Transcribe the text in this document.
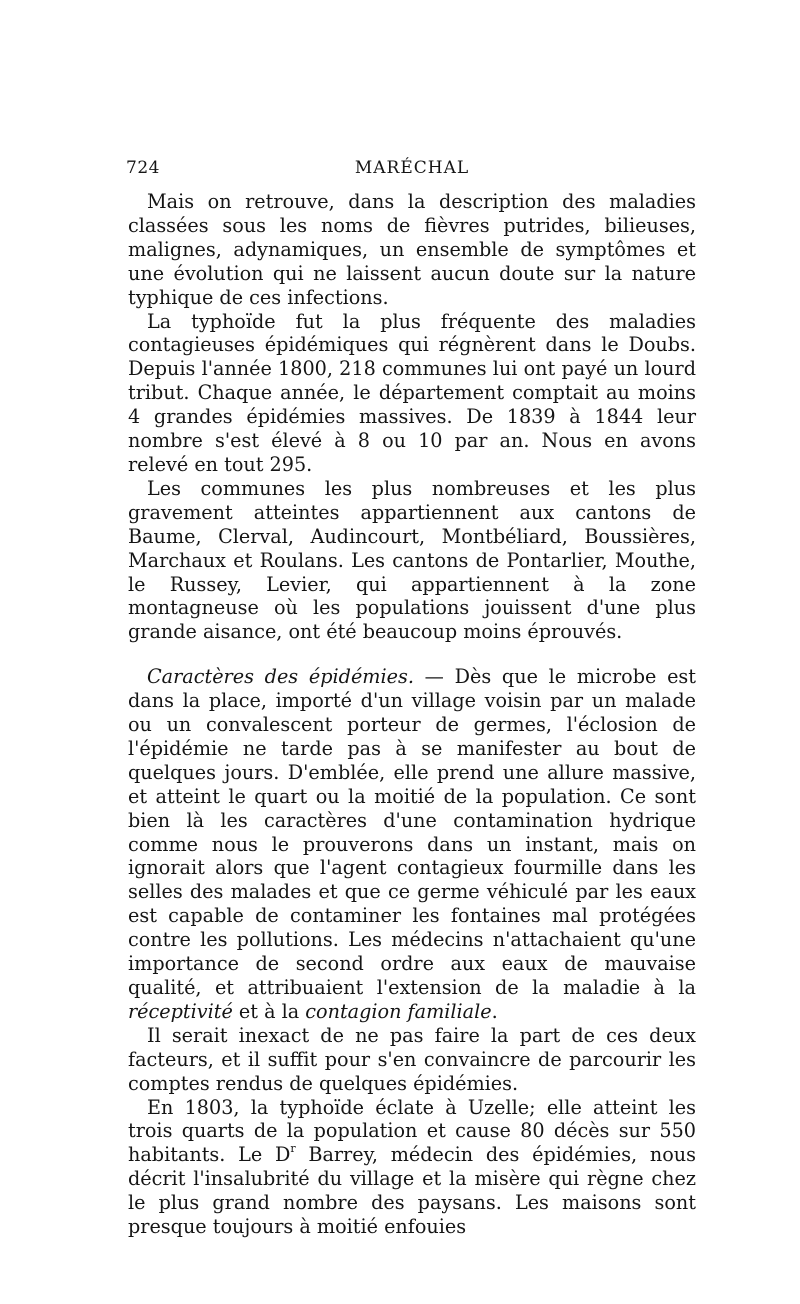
724	MARÉCHAL

Mais on retrouve, dans la description des maladies classées sous les noms de fièvres putrides, bilieuses, malignes, adynamiques, un ensemble de symptômes et une évolution qui ne laissent aucun doute sur la nature typhique de ces infections.

La typhoïde fut la plus fréquente des maladies contagieuses épidémiques qui régnèrent dans le Doubs. Depuis l'année 1800, 218 communes lui ont payé un lourd tribut. Chaque année, le département comptait au moins 4 grandes épidémies massives. De 1839 à 1844 leur nombre s'est élevé à 8 ou 10 par an. Nous en avons relevé en tout 295.

Les communes les plus nombreuses et les plus gravement atteintes appartiennent aux cantons de Baume, Clerval, Audincourt, Montbéliard, Boussières, Marchaux et Roulans. Les cantons de Pontarlier, Mouthe, le Russey, Levier, qui appartiennent à la zone montagneuse où les populations jouissent d'une plus grande aisance, ont été beaucoup moins éprouvés.

Caractères des épidémies. — Dès que le microbe est dans la place, importé d'un village voisin par un malade ou un convalescent porteur de germes, l'éclosion de l'épidémie ne tarde pas à se manifester au bout de quelques jours. D'emblée, elle prend une allure massive, et atteint le quart ou la moitié de la population. Ce sont bien là les caractères d'une contamination hydrique comme nous le prouverons dans un instant, mais on ignorait alors que l'agent contagieux fourmille dans les selles des malades et que ce germe véhiculé par les eaux est capable de contaminer les fontaines mal protégées contre les pollutions. Les médecins n'attachaient qu'une importance de second ordre aux eaux de mauvaise qualité, et attribuaient l'extension de la maladie à la réceptivité et à la contagion familiale.

Il serait inexact de ne pas faire la part de ces deux facteurs, et il suffit pour s'en convaincre de parcourir les comptes rendus de quelques épidémies.

En 1803, la typhoïde éclate à Uzelle; elle atteint les trois quarts de la population et cause 80 décès sur 550 habitants. Le $D^r$ Barrey, médecin des épidémies, nous décrit l'insalubrité du village et la misère qui règne chez le plus grand nombre des paysans. Les maisons sont presque toujours à moitié enfouies
